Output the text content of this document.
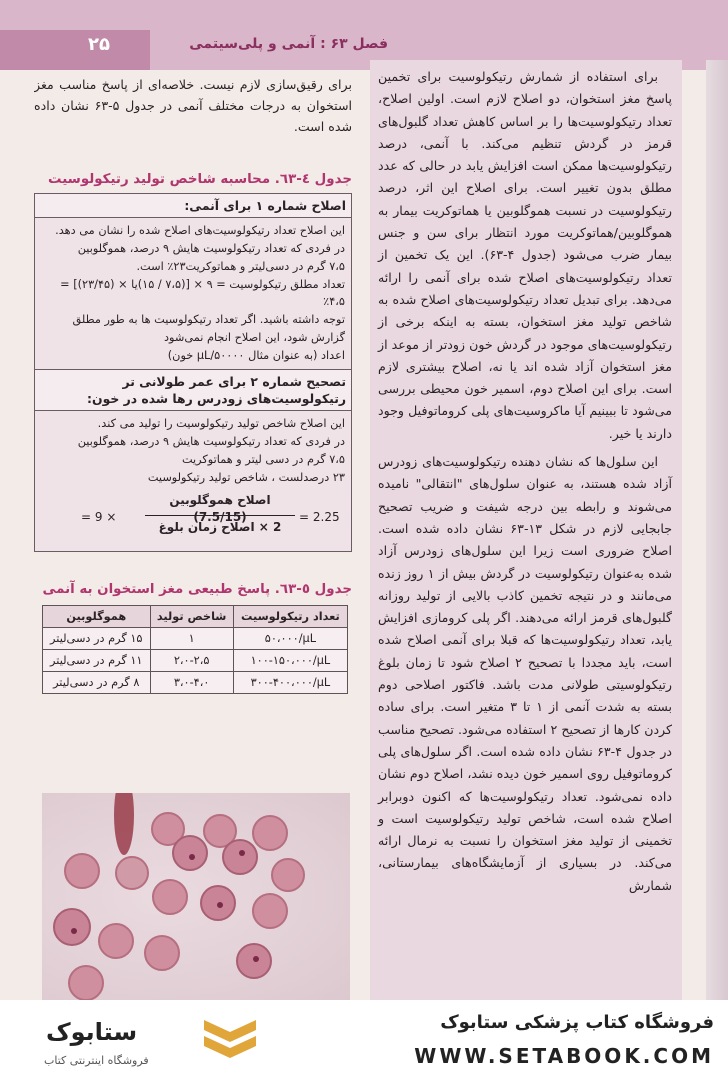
۲۵	فصل ۶۳ : آنمی و پلی‌سیتمی

برای استفاده از شمارش رتیکولوسیت برای تخمین پاسخ مغز استخوان، دو اصلاح لازم است. اولین اصلاح، تعداد رتیکولوسیت‌ها را بر اساس کاهش تعداد گلبول‌های قرمز در گردش تنظیم می‌کند. با آنمی، درصد رتیکولوسیت‌ها ممکن است افزایش یابد در حالی که عدد مطلق بدون تغییر است. برای اصلاح این اثر، درصد رتیکولوسیت در نسبت هموگلوبین یا هماتوکریت بیمار به هموگلوبین/هماتوکریت مورد انتظار برای سن و جنس بیمار ضرب می‌شود (جدول ۴-۶۳). این یک تخمین از تعداد رتیکولوسیت‌های اصلاح شده برای آنمی را ارائه می‌دهد. برای تبدیل تعداد رتیکولوسیت‌های اصلاح شده به شاخص تولید مغز استخوان، بسته به اینکه برخی از رتیکولوسیت‌های موجود در گردش خون زودتر از موعد از مغز استخوان آزاد شده اند یا نه، اصلاح بیشتری لازم است. برای این اصلاح دوم، اسمیر خون محیطی بررسی می‌شود تا ببینیم آیا ماکروسیت‌های پلی کروماتوفیل وجود دارند یا خیر.

این سلول‌ها که نشان دهنده رتیکولوسیت‌های زودرس آزاد شده هستند، به عنوان سلول‌های "انتقالی" نامیده می‌شوند و رابطه بین درجه شیفت و ضریب تصحیح جابجایی لازم در شکل ۱۳-۶۳ نشان داده شده است. اصلاح ضروری است زیرا این سلول‌های زودرس آزاد شده به‌عنوان رتیکولوسیت در گردش بیش از ۱ روز زنده می‌مانند و در نتیجه تخمین کاذب بالایی از تولید روزانه گلبول‌های قرمز ارائه می‌دهند. اگر پلی کرومازی افزایش یابد، تعداد رتیکولوسیت‌ها که قبلا برای آنمی اصلاح شده است، باید مجددا با تصحیح ۲ اصلاح شود تا زمان بلوغ رتیکولوسیتی طولانی مدت باشد. فاکتور اصلاحی دوم بسته به شدت آنمی از ۱ تا ۳ متغیر است. برای ساده کردن کارها از تصحیح ۲ استفاده می‌شود. تصحیح مناسب در جدول ۴-۶۳ نشان داده شده است. اگر سلول‌های پلی کروماتوفیل روی اسمیر خون دیده نشد، اصلاح دوم نشان داده نمی‌شود. تعداد رتیکولوسیت‌ها که اکنون دوبرابر اصلاح شده است، شاخص تولید رتیکولوسیت است و تخمینی از تولید مغز استخوان را نسبت به نرمال ارائه می‌کند. در بسیاری از آزمایشگاه‌های بیمارستانی، شمارش

برای رقیق‌سازی لازم نیست. خلاصه‌ای از پاسخ مناسب مغز استخوان به درجات مختلف آنمی در جدول ۵-۶۳ نشان داده شده است.
جدول ٤-٦٣. محاسبه شاخص تولید رتیکولوسیت
اصلاح شماره ۱ برای آنمی:
این اصلاح تعداد رتیکولوسیت‌های اصلاح شده را نشان می دهد.
در فردی که تعداد رتیکولوسیت هایش ۹ درصد، هموگلوبین
۷،۵ گرم در دسی‌لیتر و هماتوکریت۲۳٪ است.
تعداد مطلق رتیکولوسیت = ۹ × [(۷،۵ / ۱۵)یا × (۲۳/۴۵)] = ۴،۵٪
توجه داشته باشید. اگر تعداد رتیکولوسیت ها به طور مطلق
گزارش شود، این اصلاح انجام نمی‌شود
اعداد (به عنوان مثال µL/۵۰۰۰۰ خون)
تصحیح شماره ۲ برای عمر طولانی تر رتیکولوسیت‌های زودرس رها شده در خون:
این اصلاح شاخص تولید رتیکولوسیت را تولید می کند.
در فردی که تعداد رتیکولوسیت هایش ۹ درصد، هموگلوبین
۷،۵ گرم در دسی لیتر و هماتوکریت
۲۳ درصدلست ، شاخص تولید رتیکولوسیت
= 9 ×
اصلاح هموگلوبین (7.5/15)
2 × اصلاح زمان بلوغ
= 2.25
جدول ٥-٦٣. پاسخ طبیعی مغز استخوان به آنمی
تعداد رتیکولوسیت	شاخص تولید	هموگلوبین
۵۰،۰۰۰/µL	۱	۱۵ گرم در دسی‌لیتر
۱۰۰-۱۵۰،۰۰۰/µL	۲،۰-۲،۵	۱۱ گرم در دسی‌لیتر
۳۰۰-۴۰۰،۰۰۰/µL	۳،۰-۴،۰	۸ گرم در دسی‌لیتر
ستابوک
فروشگاه اینترنتی کتاب
فروشگاه کتاب پزشکی ستابوک
WWW.SETABOOK.COM
